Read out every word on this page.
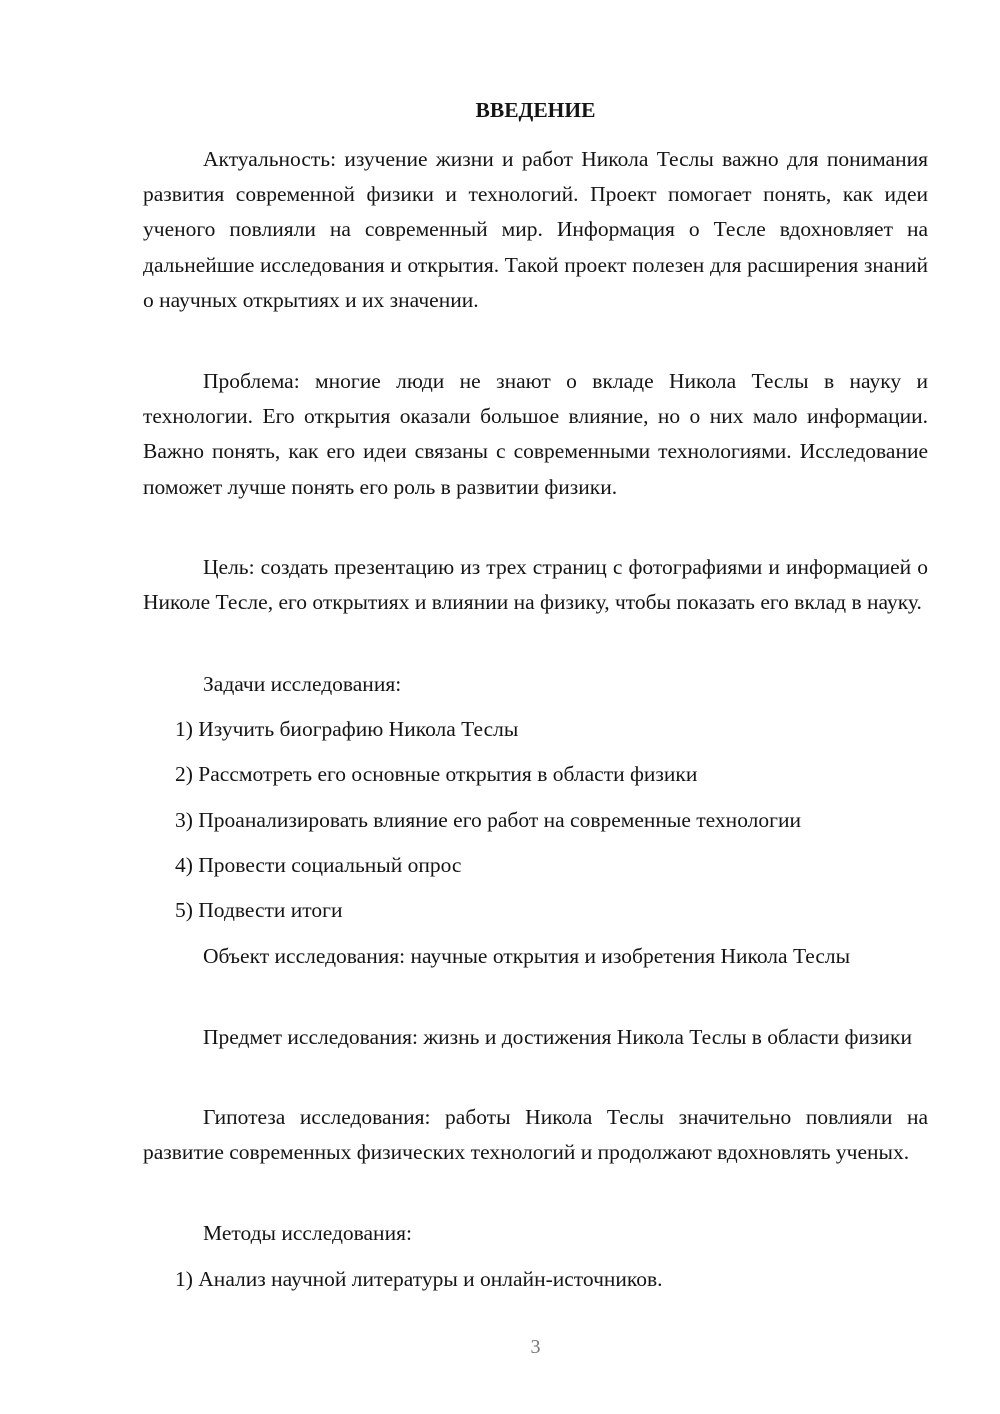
ВВЕДЕНИЕ

Актуальность: изучение жизни и работ Никола Теслы важно для понимания развития современной физики и технологий. Проект помогает понять, как идеи ученого повлияли на современный мир. Информация о Тесле вдохновляет на дальнейшие исследования и открытия. Такой проект полезен для расширения знаний о научных открытиях и их значении.

Проблема: многие люди не знают о вкладе Никола Теслы в науку и технологии. Его открытия оказали большое влияние, но о них мало информации. Важно понять, как его идеи связаны с современными технологиями. Исследование поможет лучше понять его роль в развитии физики.

Цель: создать презентацию из трех страниц с фотографиями и информацией о Николе Тесле, его открытиях и влиянии на физику, чтобы показать его вклад в науку.

Задачи исследования:

1) Изучить биографию Никола Теслы

2) Рассмотреть его основные открытия в области физики

3) Проанализировать влияние его работ на современные технологии

4) Провести социальный опрос

5) Подвести итоги

Объект исследования: научные открытия и изобретения Никола Теслы

Предмет исследования: жизнь и достижения Никола Теслы в области физики

Гипотеза исследования: работы Никола Теслы значительно повлияли на развитие современных физических технологий и продолжают вдохновлять ученых.

Методы исследования:

1) Анализ научной литературы и онлайн-источников.

3
